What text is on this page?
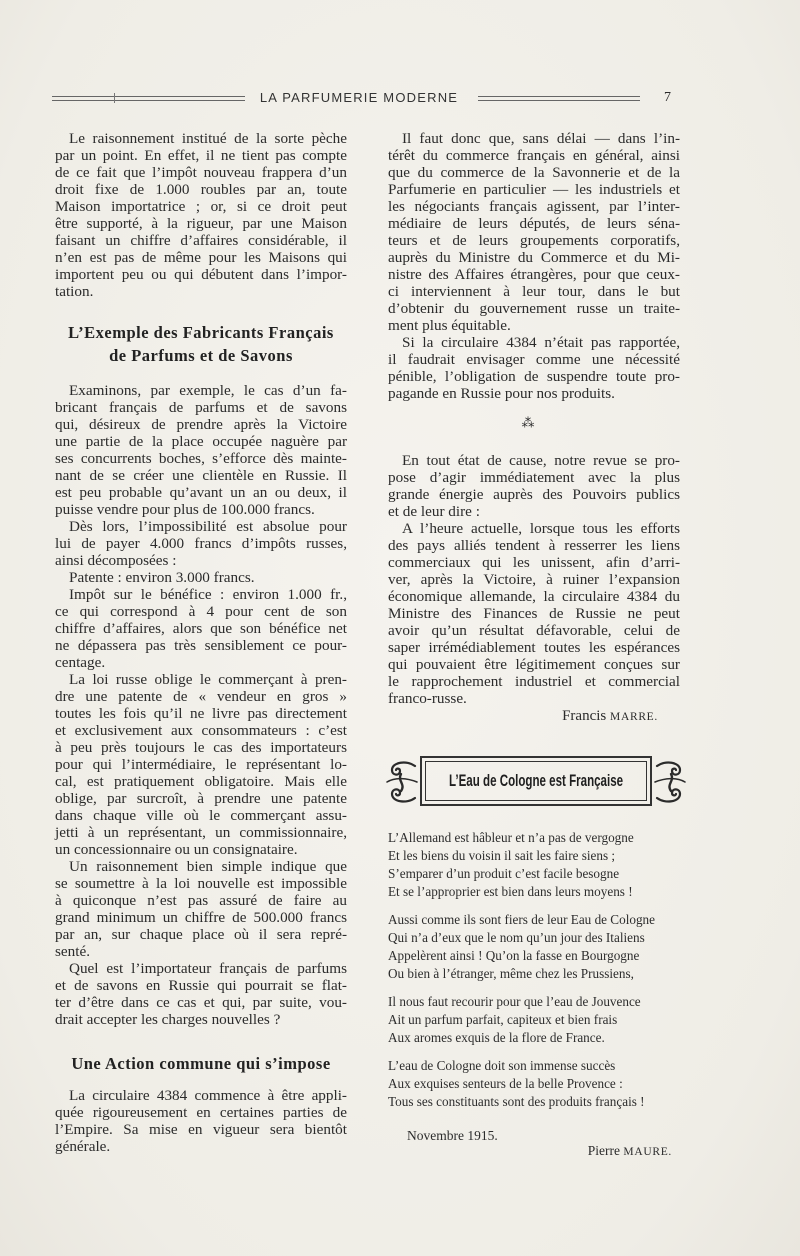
LA PARFUMERIE MODERNE	7
Le raisonnement institué de la sorte pèche
par un point. En effet, il ne tient pas compte
de ce fait que l’impôt nouveau frappera d’un
droit fixe de 1.000 roubles par an, toute
Maison importatrice ; or, si ce droit peut
être supporté, à la rigueur, par une Maison
faisant un chiffre d’affaires considérable, il
n’en est pas de même pour les Maisons qui
importent peu ou qui débutent dans l’impor-
tation.
L’Exemple des Fabricants Français
de Parfums et de Savons
Examinons, par exemple, le cas d’un fa-
bricant français de parfums et de savons
qui, désireux de prendre après la Victoire
une partie de la place occupée naguère par
ses concurrents boches, s’efforce dès mainte-
nant de se créer une clientèle en Russie. Il
est peu probable qu’avant un an ou deux, il
puisse vendre pour plus de 100.000 francs.
Dès lors, l’impossibilité est absolue pour
lui de payer 4.000 francs d’impôts russes,
ainsi décomposées :
Patente : environ 3.000 francs.
Impôt sur le bénéfice : environ 1.000 fr.,
ce qui correspond à 4 pour cent de son
chiffre d’affaires, alors que son bénéfice net
ne dépassera pas très sensiblement ce pour-
centage.
La loi russe oblige le commerçant à pren-
dre une patente de « vendeur en gros »
toutes les fois qu’il ne livre pas directement
et exclusivement aux consommateurs : c’est
à peu près toujours le cas des importateurs
pour qui l’intermédiaire, le représentant lo-
cal, est pratiquement obligatoire. Mais elle
oblige, par surcroît, à prendre une patente
dans chaque ville où le commerçant assu-
jetti à un représentant, un commissionnaire,
un concessionnaire ou un consignataire.
Un raisonnement bien simple indique que
se soumettre à la loi nouvelle est impossible
à quiconque n’est pas assuré de faire au
grand minimum un chiffre de 500.000 francs
par an, sur chaque place où il sera repré-
senté.
Quel est l’importateur français de parfums
et de savons en Russie qui pourrait se flat-
ter d’être dans ce cas et qui, par suite, vou-
drait accepter les charges nouvelles ?
Une Action commune qui s’impose
La circulaire 4384 commence à être appli-
quée rigoureusement en certaines parties de
l’Empire. Sa mise en vigueur sera bientôt
générale.
Il faut donc que, sans délai — dans l’in-
térêt du commerce français en général, ainsi
que du commerce de la Savonnerie et de la
Parfumerie en particulier — les industriels et
les négociants français agissent, par l’inter-
médiaire de leurs députés, de leurs séna-
teurs et de leurs groupements corporatifs,
auprès du Ministre du Commerce et du Mi-
nistre des Affaires étrangères, pour que ceux-
ci interviennent à leur tour, dans le but
d’obtenir du gouvernement russe un traite-
ment plus équitable.
Si la circulaire 4384 n’était pas rapportée,
il faudrait envisager comme une nécessité
pénible, l’obligation de suspendre toute pro-
pagande en Russie pour nos produits.
⁂
En tout état de cause, notre revue se pro-
pose d’agir immédiatement avec la plus
grande énergie auprès des Pouvoirs publics
et de leur dire :
A l’heure actuelle, lorsque tous les efforts
des pays alliés tendent à resserrer les liens
commerciaux qui les unissent, afin d’arri-
ver, après la Victoire, à ruiner l’expansion
économique allemande, la circulaire 4384 du
Ministre des Finances de Russie ne peut
avoir qu’un résultat défavorable, celui de
saper irrémédiablement toutes les espérances
qui pouvaient être légitimement conçues sur
le rapprochement industriel et commercial
franco-russe.
Francis MARRE.
L’Eau de Cologne est Française
L’Allemand est hâbleur et n’a pas de vergogne
Et les biens du voisin il sait les faire siens ;
S’emparer d’un produit c’est facile besogne
Et se l’approprier est bien dans leurs moyens !
Aussi comme ils sont fiers de leur Eau de Cologne
Qui n’a d’eux que le nom qu’un jour des Italiens
Appelèrent ainsi ! Qu’on la fasse en Bourgogne
Ou bien à l’étranger, même chez les Prussiens,
Il nous faut recourir pour que l’eau de Jouvence
Ait un parfum parfait, capiteux et bien frais
Aux aromes exquis de la flore de France.
L’eau de Cologne doit son immense succès
Aux exquises senteurs de la belle Provence :
Tous ses constituants sont des produits français !
Novembre 1915.
Pierre MAURE.
